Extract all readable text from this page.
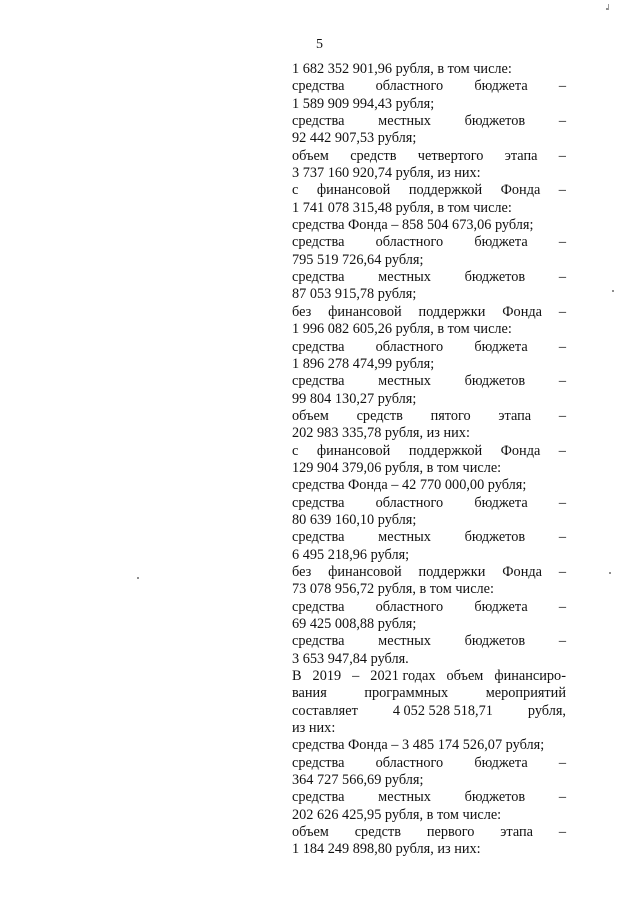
5
1 682 352 901,96 рубля, в том числе:
средства областного бюджета –
1 589 909 994,43 рубля;
средства местных бюджетов –
92 442 907,53 рубля;
объем средств четвертого этапа –
3 737 160 920,74 рубля, из них:
с финансовой поддержкой Фонда –
1 741 078 315,48 рубля, в том числе:
средства Фонда – 858 504 673,06 рубля;
средства областного бюджета –
795 519 726,64 рубля;
средства местных бюджетов –
87 053 915,78 рубля;
без финансовой поддержки Фонда –
1 996 082 605,26 рубля, в том числе:
средства областного бюджета –
1 896 278 474,99 рубля;
средства местных бюджетов –
99 804 130,27 рубля;
объем средств пятого этапа –
202 983 335,78 рубля, из них:
с финансовой поддержкой Фонда –
129 904 379,06 рубля, в том числе:
средства Фонда – 42 770 000,00 рубля;
средства областного бюджета –
80 639 160,10 рубля;
средства местных бюджетов –
6 495 218,96 рубля;
без финансовой поддержки Фонда –
73 078 956,72 рубля, в том числе:
средства областного бюджета –
69 425 008,88 рубля;
средства местных бюджетов –
3 653 947,84 рубля.
В 2019 – 2021 годах объем финансиро-
вания	программных	мероприятий
составляет 4 052 528 518,71 рубля,
из них:
средства Фонда – 3 485 174 526,07 рубля;
средства областного бюджета –
364 727 566,69 рубля;
средства местных бюджетов –
202 626 425,95 рубля, в том числе:
объем средств первого этапа –
1 184 249 898,80 рубля, из них:
